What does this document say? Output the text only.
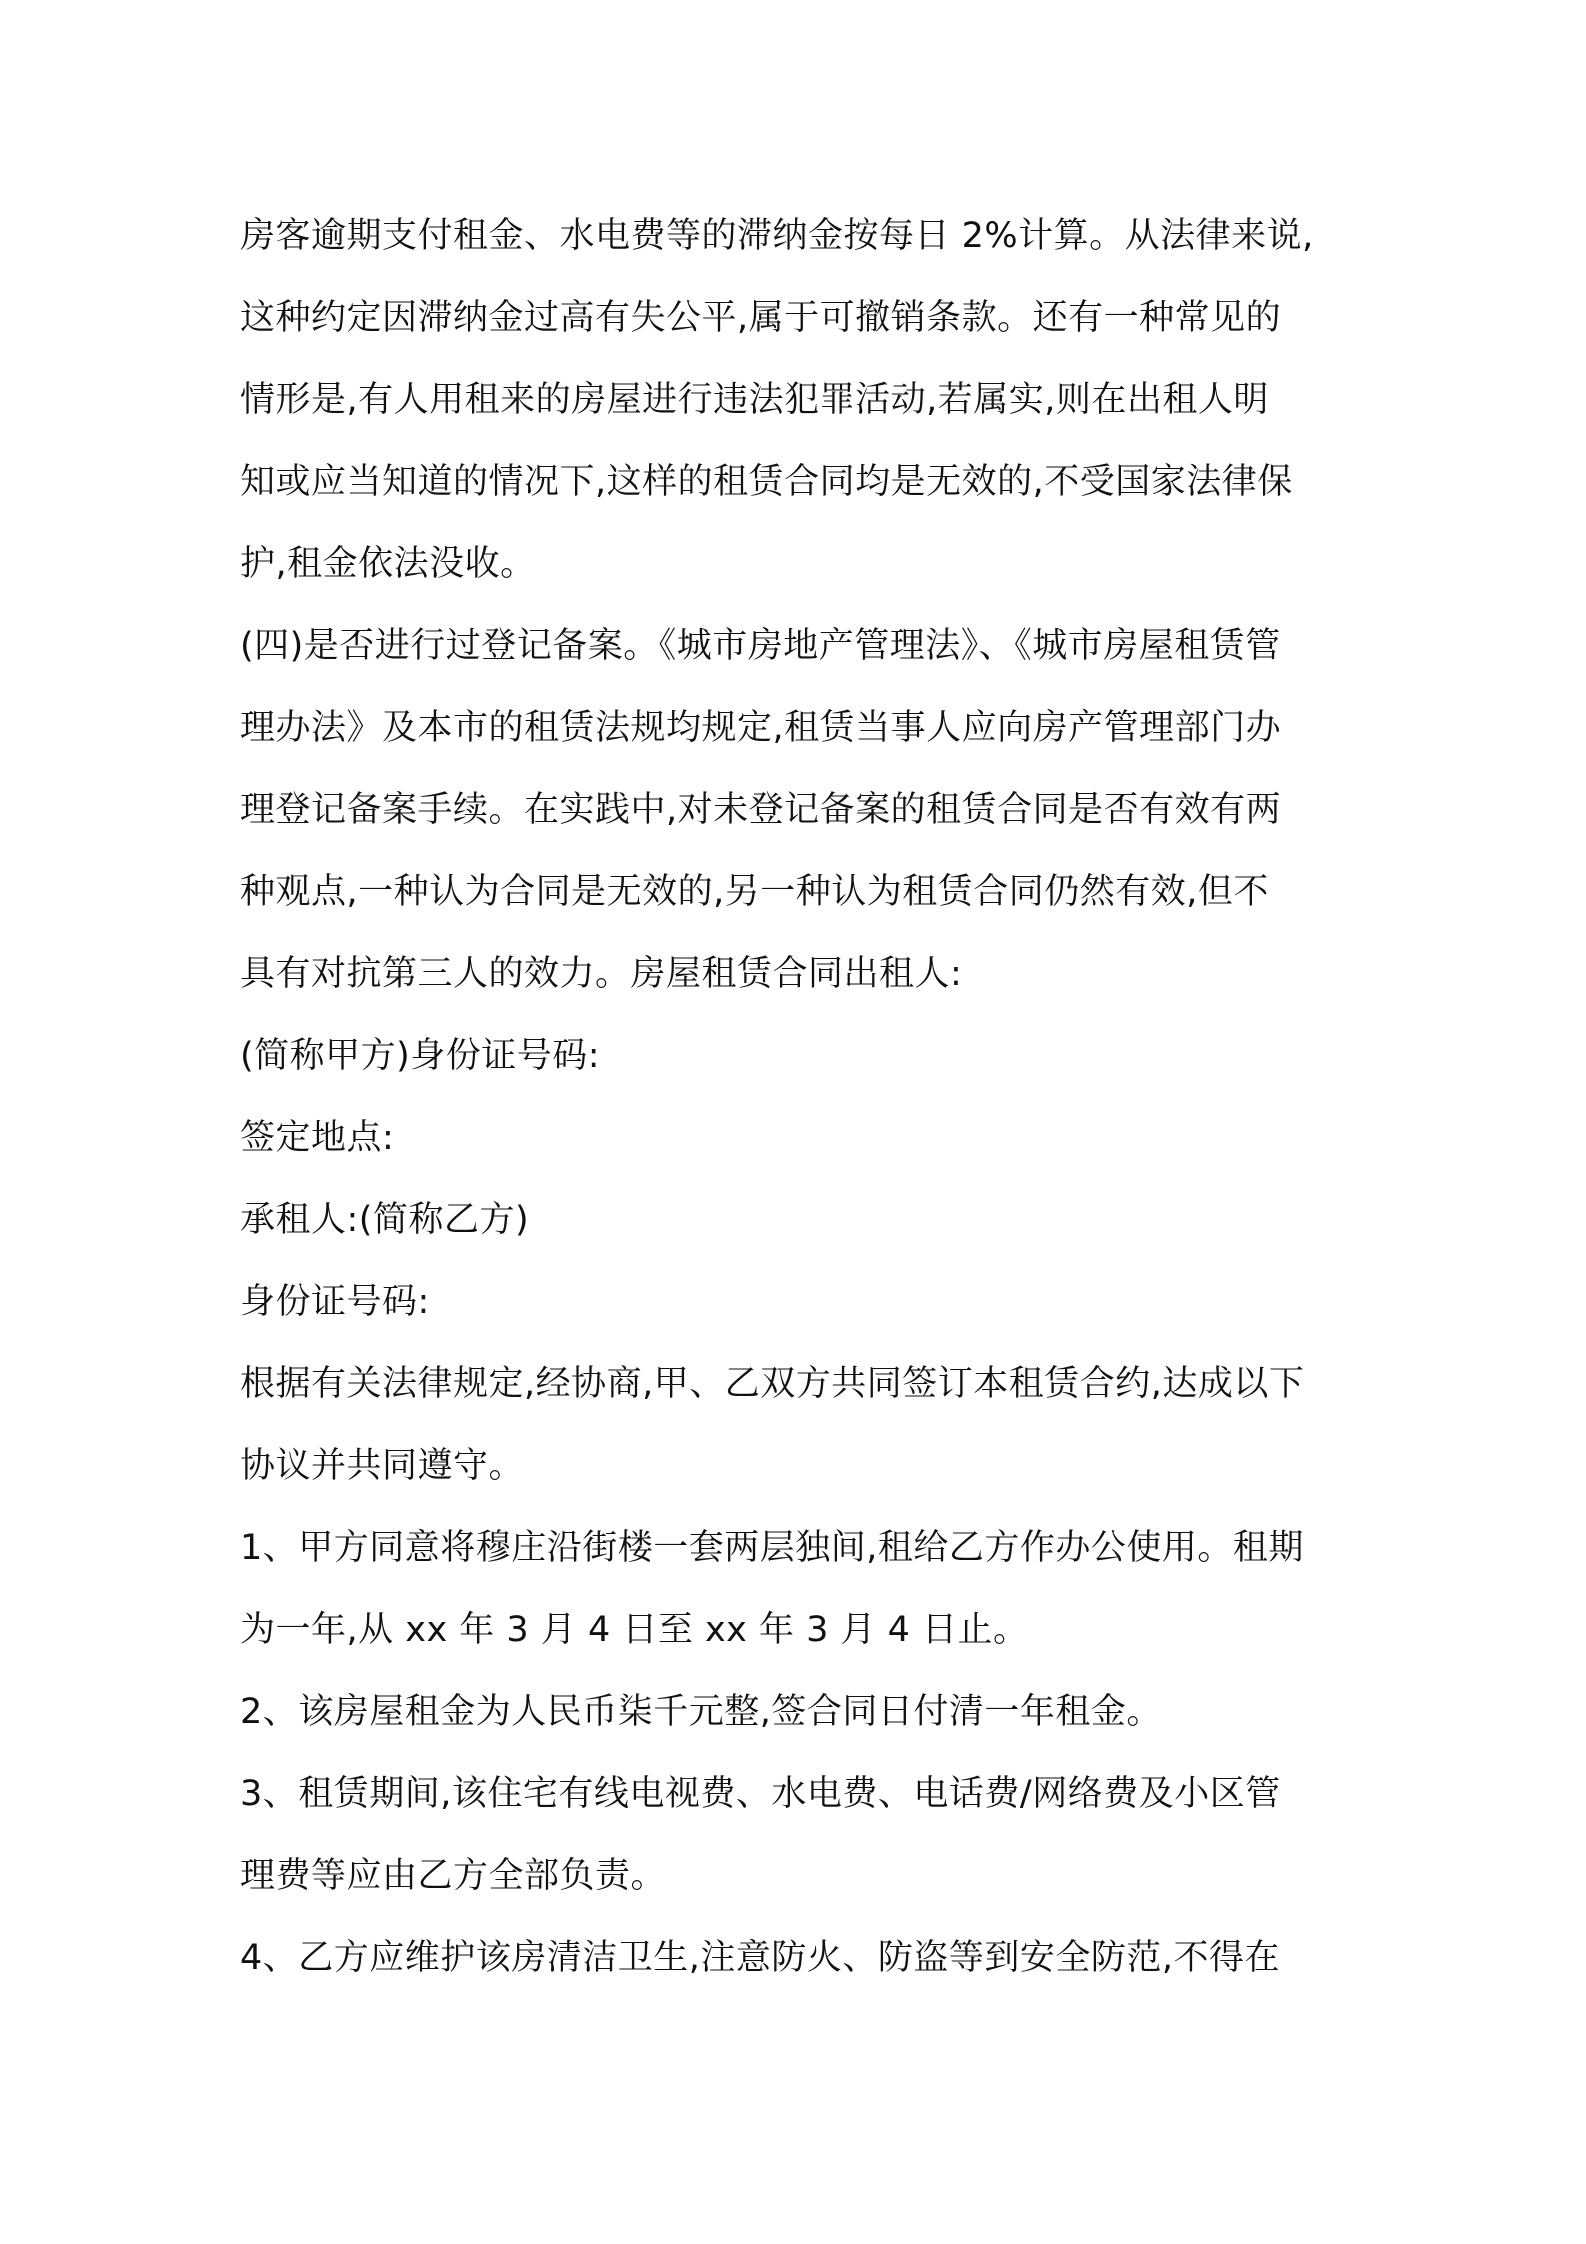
房客逾期支付租金、水电费等的滞纳金按每日 2%计算。从法律来说,
这种约定因滞纳金过高有失公平,属于可撤销条款。还有一种常见的
情形是,有人用租来的房屋进行违法犯罪活动,若属实,则在出租人明
知或应当知道的情况下,这样的租赁合同均是无效的,不受国家法律保
护,租金依法没收。
(四)是否进行过登记备案。《城市房地产管理法》、《城市房屋租赁管
理办法》及本市的租赁法规均规定,租赁当事人应向房产管理部门办
理登记备案手续。在实践中,对未登记备案的租赁合同是否有效有两
种观点,一种认为合同是无效的,另一种认为租赁合同仍然有效,但不
具有对抗第三人的效力。房屋租赁合同出租人:
(简称甲方)身份证号码:
签定地点:
承租人:(简称乙方)
身份证号码:
根据有关法律规定,经协商,甲、乙双方共同签订本租赁合约,达成以下
协议并共同遵守。
1、甲方同意将穆庄沿街楼一套两层独间,租给乙方作办公使用。租期
为一年,从 xx 年 3 月 4 日至 xx 年 3 月 4 日止。
2、该房屋租金为人民币柒千元整,签合同日付清一年租金。
3、租赁期间,该住宅有线电视费、水电费、电话费/网络费及小区管
理费等应由乙方全部负责。
4、乙方应维护该房清洁卫生,注意防火、防盗等到安全防范,不得在
